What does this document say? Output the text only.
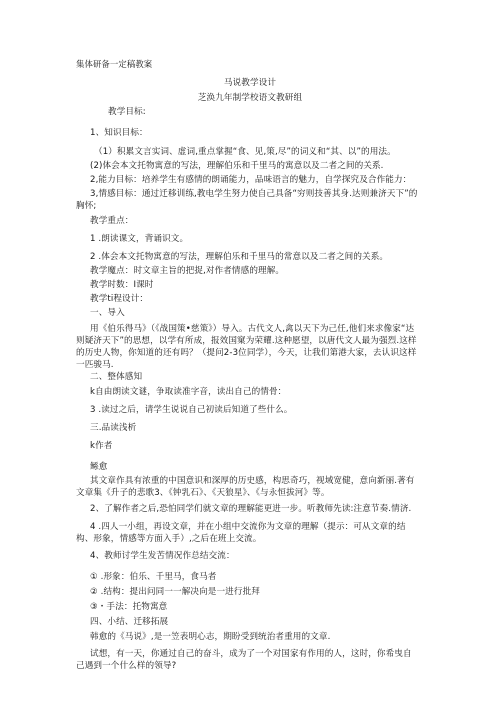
集体研备一定稿教案
马说教学设计
芝涣九年制学校语文教研组
教学目标:
1、知识目标：
（1）积累文言实词、虚词,重点掌握“食、见,策,尽”的词义和“其、以”的用法。
(2)体会本文托物寓意的写法，理解伯乐和千里马的寓意以及二者之间的关系.
2,能力目标：培养学生有感情的朗诵能力，品味语言的魅力，自学探究及合作能力：
3,情感目标：通过迁移训练,教电学生努力使自己具备“穷则技善其身.达则兼济天下”的胸怀;
教学重点：
1 .朗读课文，背诵识文。
2 .体会本文托物寓意的写法，理解伯乐和千里马的常意以及二者之间的关系。
教学魔点：时文章主旨的把捉,对作者情感的理解。
教学时数：I课时
教学ti程设计：
一、导入
用《伯乐得马》（《战国策•慈策》）导入。古代文人,禽以天下为己任,他们来求像家“达则疑济天下”的思想，以学有所成，报效国窠为荣耀.这种愿望，以唐代文人最为强烈.这样的历史人物，你知道的还有吗？（提问2-3位同学），今天，让我们第港大家，去认识这样一匹骏马.
二、整体感知
k自由朗读文谜，争取读准字音，读出自己的情骨：
3 .读过之后，请学生说说自己初读后知道了些什么。
三.品读浅析
k作者
鲧愈
其文章作具有浓重的中国意识和深厚的历史感，构思奇巧，视域宽健，意向新丽.著有文章集《升子的悲歌3、《钟乳石》、《天狼星》、《与永恒拔河》等。
2、了解作者之后,恐怕同学们就文章的理解能更进一步。听教师先读:注意节奏.情济.
4 .四人一小组，再设文章，并在小组中交流你为文章的理解（提示：可从文章的结构、形象，情感等方面入手）,之后在班上交流。
4、教师讨学生发苦情况作总结交流：
① .形象：伯乐、千里马，食马者
② .结构：提出问同一一解决向是一进行批拜
③・手法：托物寓意
四、小结、迁移拓展
韩愈的《马说》,是一笠表明心志，期盼受到统治者重用的文章.
试想，有一天，你通过自己的奋斗，成为了一个对国家有作用的人，这时，你希曳自己遇到一个什么样的领导?
